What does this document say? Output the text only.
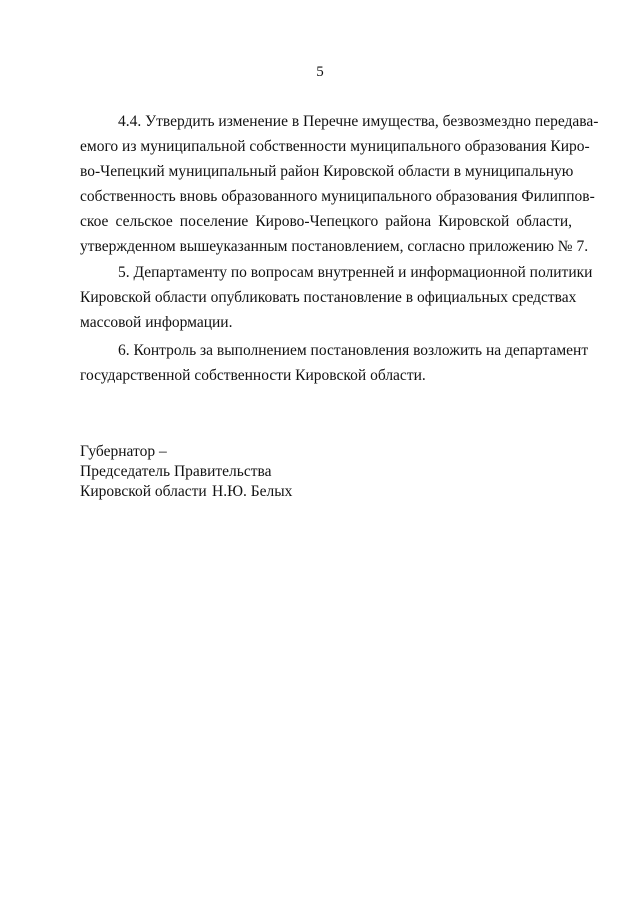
5
4.4. Утвердить изменение в Перечне имущества, безвозмездно передава-
емого из муниципальной собственности муниципального образования Киро-
во-Чепецкий муниципальный район Кировской области в муниципальную
собственность вновь образованного муниципального образования Филиппов-
ское сельское поселение Кирово-Чепецкого района Кировской области,
утвержденном вышеуказанным постановлением, согласно приложению № 7.
5. Департаменту по вопросам внутренней и информационной политики
Кировской области опубликовать постановление в официальных средствах
массовой информации.
6. Контроль за выполнением постановления возложить на департамент
государственной собственности Кировской области.
Губернатор –
Председатель Правительства
Кировской области Н.Ю. Белых
